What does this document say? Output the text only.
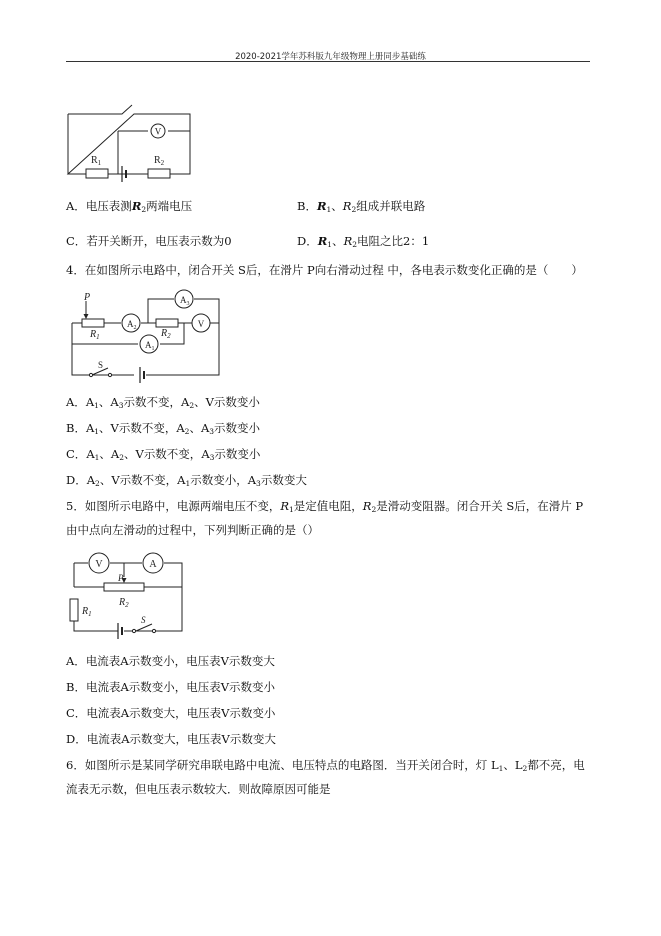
2020-2021学年苏科版九年级物理上册同步基础练
V
$R_1$	$R_2$
A．电压表测$R_2$两端电压	B．$R_1$、$R_2$组成并联电路
C．若开关断开，电压表示数为0	D．$R_1$、$R_2$电阻之比2：1
4．在如图所示电路中，闭合开关 S后，在滑片 P向右滑动过程 中，各电表示数变化正确的是（　　）
P
$R_1$	$R_2$
$A_2$
$A_3$
V
$A_1$
S
A．$A_1$、$A_3$示数不变，$A_2$、V示数变小
B．$A_1$、V示数不变，$A_2$、$A_3$示数变小
C．$A_1$、$A_2$、V示数不变，$A_3$示数变小
D．$A_2$、V示数不变，$A_1$示数变小，$A_3$示数变大
5．如图所示电路中，电源两端电压不变，$R_1$是定值电阻，$R_2$是滑动变阻器。闭合开关 S后，在滑片 P
由中点向左滑动的过程中，下列判断正确的是（）
V	A
P
$R_2$
$R_1$
S
A．电流表A示数变小，电压表V示数变大
B．电流表A示数变小，电压表V示数变小
C．电流表A示数变大，电压表V示数变小
D．电流表A示数变大，电压表V示数变大
6．如图所示是某同学研究串联电路中电流、电压特点的电路图．当开关闭合时，灯 $L_1$、$L_2$都不亮，电
流表无示数，但电压表示数较大．则故障原因可能是
